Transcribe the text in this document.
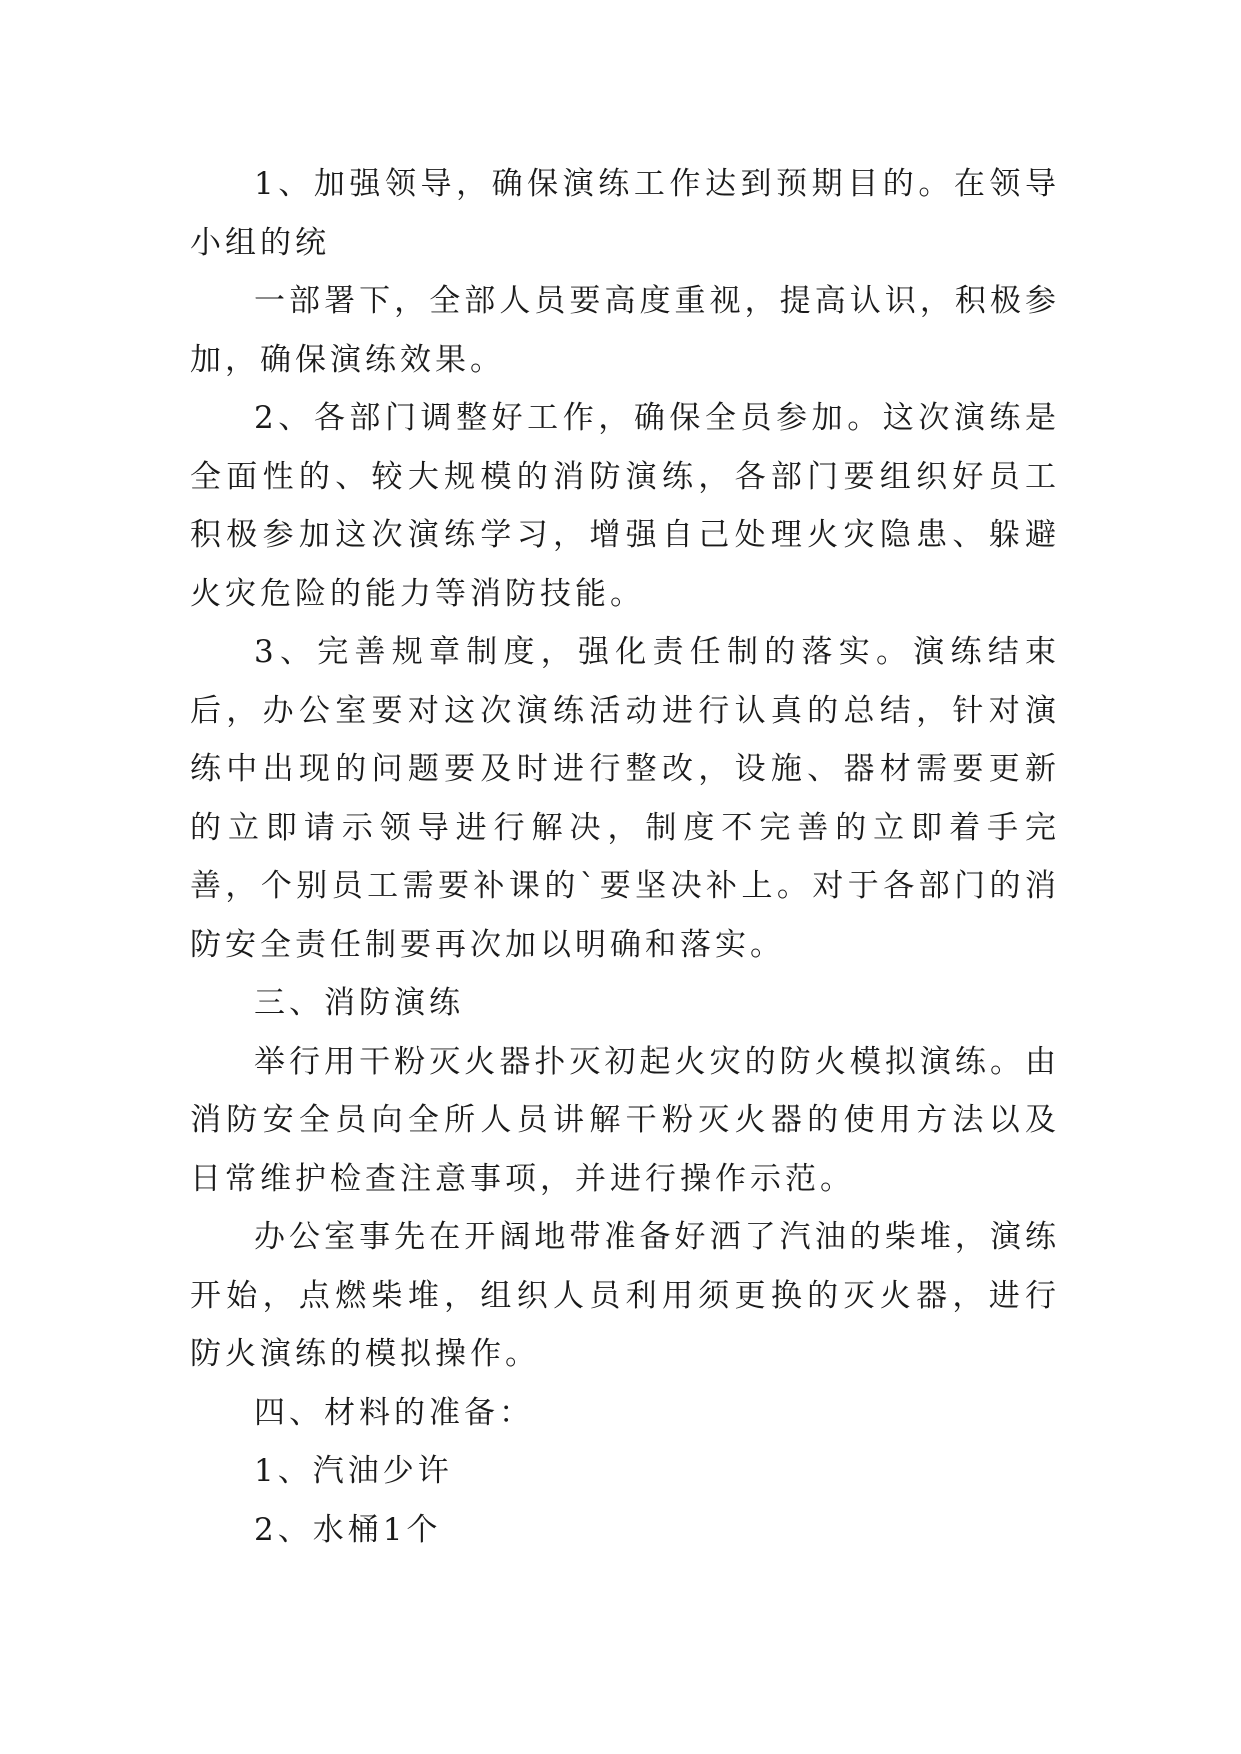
1、加强领导，确保演练工作达到预期目的。在领导小组的统

一部署下，全部人员要高度重视，提高认识，积极参加，确保演练效果。

2、各部门调整好工作，确保全员参加。这次演练是全面性的、较大规模的消防演练，各部门要组织好员工积极参加这次演练学习，增强自己处理火灾隐患、躲避火灾危险的能力等消防技能。

3、完善规章制度，强化责任制的落实。演练结束后，办公室要对这次演练活动进行认真的总结，针对演练中出现的问题要及时进行整改，设施、器材需要更新的立即请示领导进行解决，制度不完善的立即着手完善，个别员工需要补课的`要坚决补上。对于各部门的消防安全责任制要再次加以明确和落实。

三、消防演练

举行用干粉灭火器扑灭初起火灾的防火模拟演练。由消防安全员向全所人员讲解干粉灭火器的使用方法以及日常维护检查注意事项，并进行操作示范。

办公室事先在开阔地带准备好洒了汽油的柴堆，演练开始，点燃柴堆，组织人员利用须更换的灭火器，进行防火演练的模拟操作。

四、材料的准备：

1、汽油少许

2、水桶1个
